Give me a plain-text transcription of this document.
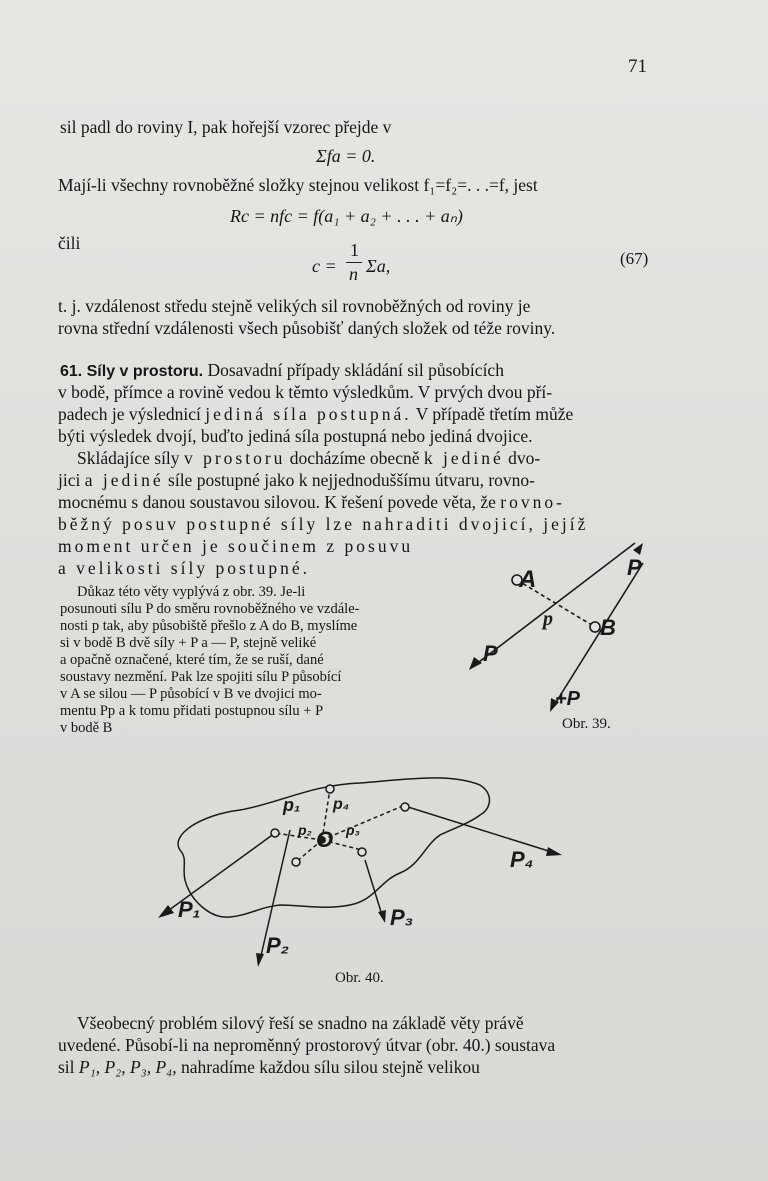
71
sil padl do roviny I, pak hořejší vzorec přejde v
Σfa = 0.
Mají-li všechny rovnoběžné složky stejnou velikost f₁=f₂=. . .=f, jest
Rc = nfc = f(a₁ + a₂ + . . . + aₙ)
čili
c =
1
n Σa,	(67)
t. j. vzdálenost středu stejně velikých sil rovnoběžných od roviny je
rovna střední vzdálenosti všech působišť daných složek od téže roviny.
61. Síly v prostoru. Dosavadní případy skládání sil působících
v bodě, přímce a rovině vedou k těmto výsledkům. V prvých dvou pří-
padech je výslednicí jediná síla postupná. V případě třetím může
býti výsledek dvojí, buďto jediná síla postupná nebo jediná dvojice.
Skládajíce síly v prostoru docházíme obecně k jediné dvo-
jici a jediné síle postupné jako k nejjednoduššímu útvaru, rovno-
mocnému s danou soustavou silovou. K řešení povede věta, že rovno-
běžný posuv postupné síly lze nahraditi dvojicí, jejíž
moment určen je součinem z posuvu
a velikosti síly postupné.
Důkaz této věty vyplývá z obr. 39. Je-li
posunouti sílu P do směru rovnoběžného ve vzdále-
nosti p tak, aby působiště přešlo z A do B, myslíme
si v bodě B dvě síly + P a — P, stejně veliké
a opačně označené, které tím, že se ruší, dané
soustavy nezmění. Pak lze spojiti sílu P působící
v A se silou — P působící v B ve dvojici mo-
mentu Pp a k tomu přidati postupnou sílu + P
v bodě B
A
B
p
P
P
+P
Obr. 39.
p₁
p₂ p₃
p₄
O
P₁
P₂
P₃
P₄
Obr. 40.
Všeobecný problém silový řeší se snadno na základě věty právě
uvedené. Působí-li na neproměnný prostorový útvar (obr. 40.) soustava
sil P₁, P₂, P₃, P₄, nahradíme každou sílu silou stejně velikou
